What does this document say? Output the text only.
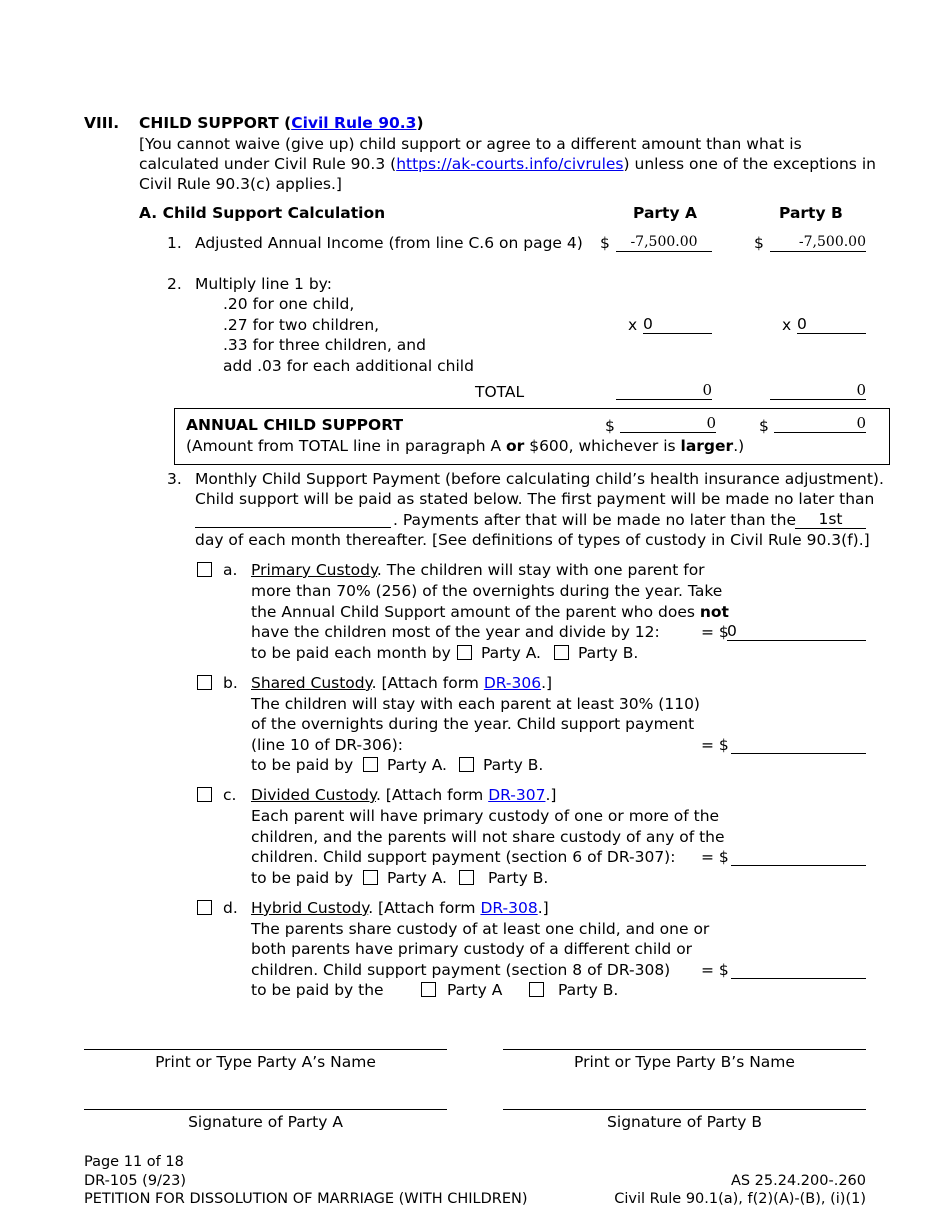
VIII. CHILD SUPPORT (Civil Rule 90.3)
[You cannot waive (give up) child support or agree to a different amount than what is
calculated under Civil Rule 90.3 (https://ak-courts.info/civrules) unless one of the exceptions in
Civil Rule 90.3(c) applies.]
A. Child Support Calculation	Party A	Party B
1. Adjusted Annual Income (from line C.6 on page 4) $	-7,500.00	$	-7,500.00
2. Multiply line 1 by:
.20 for one child,
.27 for two children,
.33 for three children, and
add .03 for each additional child
x 0	x 0
TOTAL	0	0
ANNUAL CHILD SUPPORT
(Amount from TOTAL line in paragraph A or $600, whichever is larger.)
$	0	$	0
3. Monthly Child Support Payment (before calculating child’s health insurance adjustment).
Child support will be paid as stated below. The first payment will be made no later than
. Payments after that will be made no later than the	1st
day of each month thereafter. [See definitions of types of custody in Civil Rule 90.3(f).]
a. Primary Custody. The children will stay with one parent for
more than 70% (256) of the overnights during the year. Take
the Annual Child Support amount of the parent who does not
have the children most of the year and divide by 12:	= $
0
to be paid each month by Party A. Party B.
b. Shared Custody. [Attach form DR-306.]
The children will stay with each parent at least 30% (110)
of the overnights during the year. Child support payment
(line 10 of DR-306):	= $
to be paid by Party A. Party B.
c. Divided Custody. [Attach form DR-307.]
Each parent will have primary custody of one or more of the
children, and the parents will not share custody of any of the
children. Child support payment (section 6 of DR-307): = $
to be paid by Party A.	Party B.
d. Hybrid Custody. [Attach form DR-308.]
The parents share custody of at least one child, and one or
both parents have primary custody of a different child or
children. Child support payment (section 8 of DR-308) = $
to be paid by the	Party A	Party B.
Print or Type Party A’s Name	Print or Type Party B’s Name
Signature of Party A	Signature of Party B
Page 11 of 18
DR-105 (9/23)
PETITION FOR DISSOLUTION OF MARRIAGE (WITH CHILDREN)
AS 25.24.200-.260
Civil Rule 90.1(a), f(2)(A)-(B), (i)(1)
